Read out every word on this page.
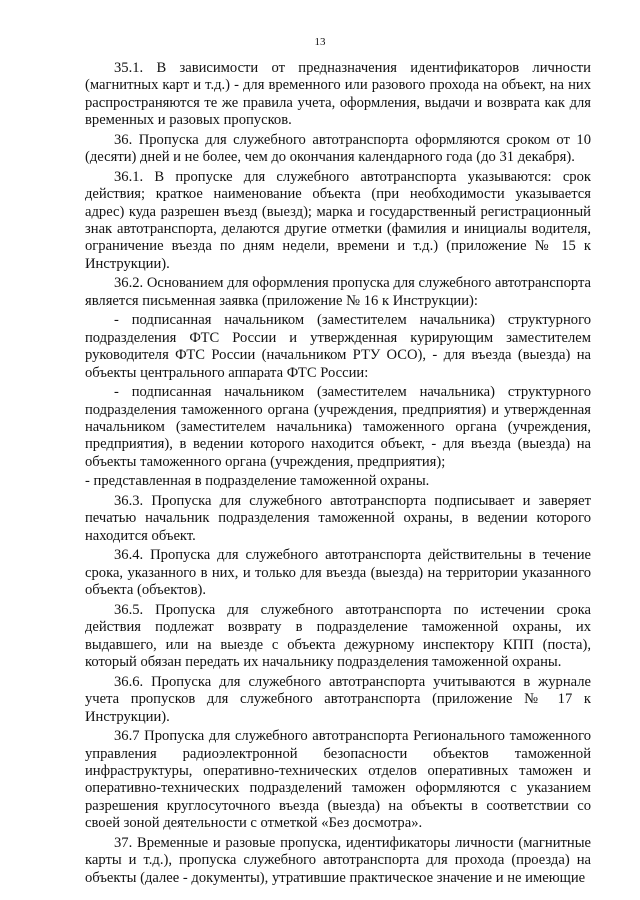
13

35.1. В зависимости от предназначения идентификаторов личности (магнитных карт и т.д.) - для временного или разового прохода на объект, на них распространяются те же правила учета, оформления, выдачи и возврата как для временных и разовых пропусков.

36. Пропуска для служебного автотранспорта оформляются сроком от 10 (десяти) дней и не более, чем до окончания календарного года (до 31 декабря).

36.1. В пропуске для служебного автотранспорта указываются: срок действия; краткое наименование объекта (при необходимости указывается адрес) куда разрешен въезд (выезд); марка и государственный регистрационный знак автотранспорта, делаются другие отметки (фамилия и инициалы водителя, ограничение въезда по дням недели, времени и т.д.) (приложение № 15 к Инструкции).

36.2. Основанием для оформления пропуска для служебного автотранспорта является письменная заявка (приложение № 16 к Инструкции):

- подписанная начальником (заместителем начальника) структурного подразделения ФТС России и утвержденная курирующим заместителем руководителя ФТС России (начальником РТУ ОСО), - для въезда (выезда) на объекты центрального аппарата ФТС России:

- подписанная начальником (заместителем начальника) структурного подразделения таможенного органа (учреждения, предприятия) и утвержденная начальником (заместителем начальника) таможенного органа (учреждения, предприятия), в ведении которого находится объект, - для въезда (выезда) на объекты таможенного органа (учреждения, предприятия);

- представленная в подразделение таможенной охраны.

36.3. Пропуска для служебного автотранспорта подписывает и заверяет печатью начальник подразделения таможенной охраны, в ведении которого находится объект.

36.4. Пропуска для служебного автотранспорта действительны в течение срока, указанного в них, и только для въезда (выезда) на территории указанного объекта (объектов).

36.5. Пропуска для служебного автотранспорта по истечении срока действия подлежат возврату в подразделение таможенной охраны, их выдавшего, или на выезде с объекта дежурному инспектору КПП (поста), который обязан передать их начальнику подразделения таможенной охраны.

36.6. Пропуска для служебного автотранспорта учитываются в журнале учета пропусков для служебного автотранспорта (приложение № 17 к Инструкции).

36.7 Пропуска для служебного автотранспорта Регионального таможенного управления радиоэлектронной безопасности объектов таможенной инфраструктуры, оперативно-технических отделов оперативных таможен и оперативно-технических подразделений таможен оформляются с указанием разрешения круглосуточного въезда (выезда) на объекты в соответствии со своей зоной деятельности с отметкой «Без досмотра».

37. Временные и разовые пропуска, идентификаторы личности (магнитные карты и т.д.), пропуска служебного автотранспорта для прохода (проезда) на объекты (далее - документы), утратившие практическое значение и не имеющие
